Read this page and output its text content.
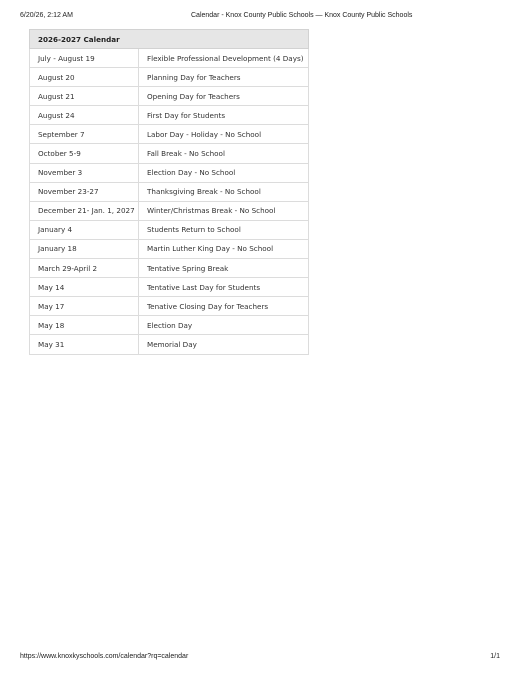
6/20/26, 2:12 AM	Calendar - Knox County Public Schools — Knox County Public Schools
2026-2027 Calendar	
July - August 19	Flexible Professional Development (4 Days)
August 20	Planning Day for Teachers
August 21	Opening Day for Teachers
August 24	First Day for Students
September 7	Labor Day - Holiday - No School
October 5-9	Fall Break - No School
November 3	Election Day - No School
November 23-27	Thanksgiving Break - No School
December 21- Jan. 1, 2027	Winter/Christmas Break - No School
January 4	Students Return to School
January 18	Martin Luther King Day - No School
March 29-April 2	Tentative Spring Break
May 14	Tentative Last Day for Students
May 17	Tenative Closing Day for Teachers
May 18	Election Day
May 31	Memorial Day
https://www.knoxkyschools.com/calendar?rq=calendar	1/1
